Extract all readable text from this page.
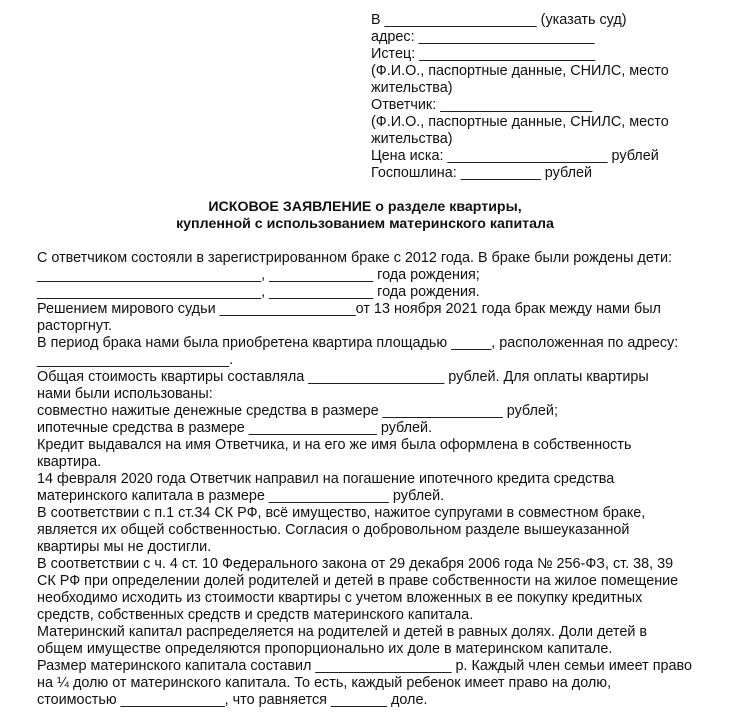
В ___________________ (указать суд)
адрес: ______________________
Истец: ______________________
(Ф.И.О., паспортные данные, СНИЛС, место
жительства)
Ответчик: ___________________
(Ф.И.О., паспортные данные, СНИЛС, место
жительства)
Цена иска: ____________________ рублей
Госпошлина: __________ рублей
ИСКОВОЕ ЗАЯВЛЕНИЕ о разделе квартиры,
купленной с использованием материнского капитала
С ответчиком состояли в зарегистрированном браке с 2012 года. В браке были рождены дети:
____________________________, _____________ года рождения;
____________________________, _____________ года рождения.
Решением мирового судьи _________________от 13 ноября 2021 года брак между нами был
расторгнут.
В период брака нами была приобретена квартира площадью _____, расположенная по адресу:
________________________.
Общая стоимость квартиры составляла _________________ рублей. Для оплаты квартиры
нами были использованы:
совместно нажитые денежные средства в размере _______________ рублей;
ипотечные средства в размере ________________ рублей.
Кредит выдавался на имя Ответчика, и на его же имя была оформлена в собственность
квартира.
14 февраля 2020 года Ответчик направил на погашение ипотечного кредита средства
материнского капитала в размере _______________ рублей.
В соответствии с п.1 ст.34 СК РФ, всё имущество, нажитое супругами в совместном браке,
является их общей собственностью. Согласия о добровольном разделе вышеуказанной
квартиры мы не достигли.
В соответствии с ч. 4 ст. 10 Федерального закона от 29 декабря 2006 года № 256-ФЗ, ст. 38, 39
СК РФ при определении долей родителей и детей в праве собственности на жилое помещение
необходимо исходить из стоимости квартиры с учетом вложенных в ее покупку кредитных
средств, собственных средств и средств материнского капитала.
Материнский капитал распределяется на родителей и детей в равных долях. Доли детей в
общем имуществе определяются пропорционально их доле в материнском капитале.
Размер материнского капитала составил _________________ р. Каждый член семьи имеет право
на ¼ долю от материнского капитала. То есть, каждый ребенок имеет право на долю,
стоимостью _____________, что равняется _______ доле.
